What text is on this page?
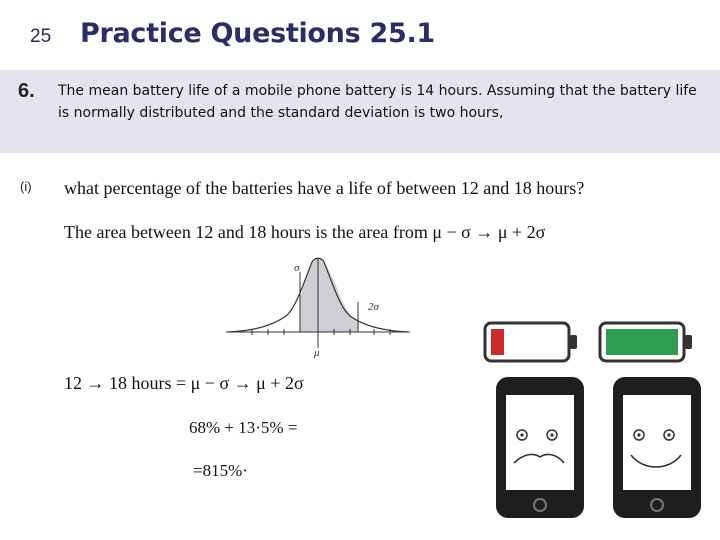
25 Practice Questions 25.1
6. The mean battery life of a mobile phone battery is 14 hours. Assuming that the battery life is normally distributed and the standard deviation is two hours,
(i) what percentage of the batteries have a life of between 12 and 18 hours?
The area between 12 and 18 hours is the area from μ − σ → μ + 2σ
σ
2σ
μ
12 → 18 hours = μ − σ → μ + 2σ
68% + 13·5% =
=815%·
